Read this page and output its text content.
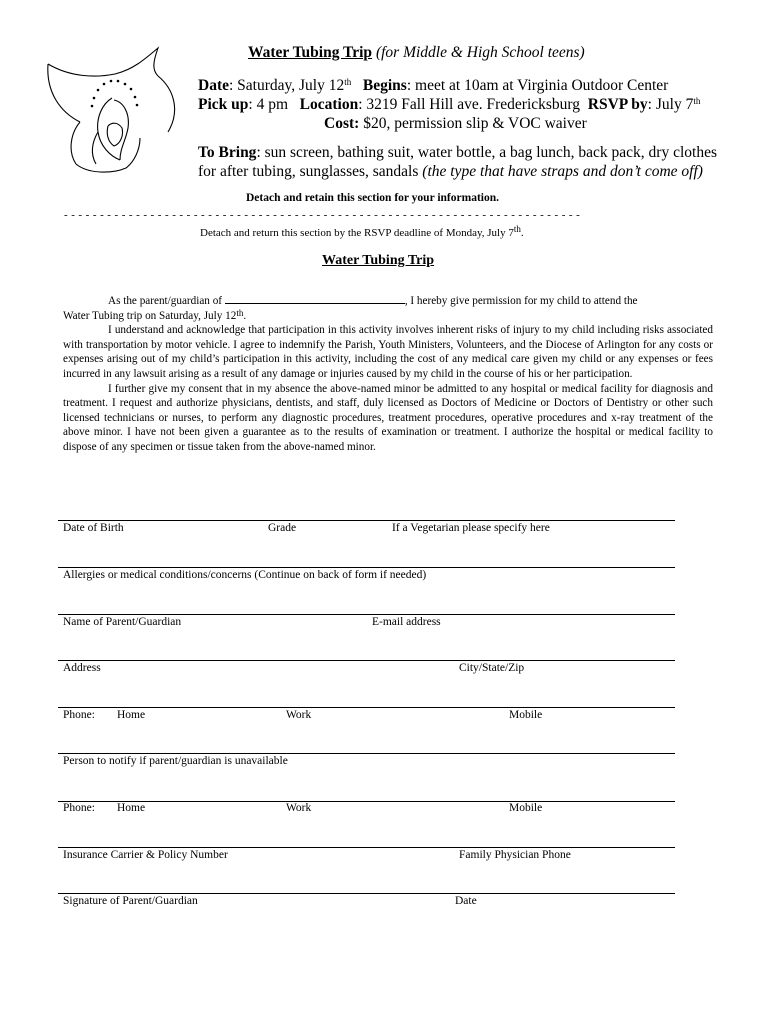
Water Tubing Trip (for Middle & High School teens)
Date: Saturday, July 12th Begins: meet at 10am at Virginia Outdoor Center
Pick up: 4 pm Location: 3219 Fall Hill ave. Fredericksburg RSVP by: July 7th
Cost: $20, permission slip & VOC waiver
To Bring: sun screen, bathing suit, water bottle, a bag lunch, back pack, dry clothes
for after tubing, sunglasses, sandals (the type that have straps and don’t come off)
Detach and retain this section for your information.
- - - - - - - - - - - - - - - - - - - - - - - - - - - - - - - - - - - - - - - - - - - - - - - - - - - - - - - - - - - - - - - - - - - - - - - -
Detach and return this section by the RSVP deadline of Monday, July 7th.
Water Tubing Trip

As the parent/guardian of	, I hereby give permission for my child to attend the

Water Tubing trip on Saturday, July 12th.

I understand and acknowledge that participation in this activity involves inherent risks of injury to my child including risks associated with transportation by motor vehicle. I agree to indemnify the Parish, Youth Ministers, Volunteers, and the Diocese of Arlington for any costs or expenses arising out of my child’s participation in this activity, including the cost of any medical care given my child or any expenses or fees incurred in any lawsuit arising as a result of any damage or injuries caused by my child in the course of his or her participation.

I further give my consent that in my absence the above-named minor be admitted to any hospital or medical facility for diagnosis and treatment. I request and authorize physicians, dentists, and staff, duly licensed as Doctors of Medicine or Doctors of Dentistry or other such licensed technicians or nurses, to perform any diagnostic procedures, treatment procedures, operative procedures and x-ray treatment of the above minor. I have not been given a guarantee as to the results of examination or treatment. I authorize the hospital or medical facility to dispose of any specimen or tissue taken from the above-named minor.

Date of Birth	Grade	If a Vegetarian please specify here
Allergies or medical conditions/concerns (Continue on back of form if needed)
Name of Parent/Guardian	E-mail address
Address	City/State/Zip
Phone: Home	Work	Mobile
Person to notify if parent/guardian is unavailable
Phone: Home	Work	Mobile
Insurance Carrier & Policy Number	Family Physician Phone
Signature of Parent/Guardian	Date
